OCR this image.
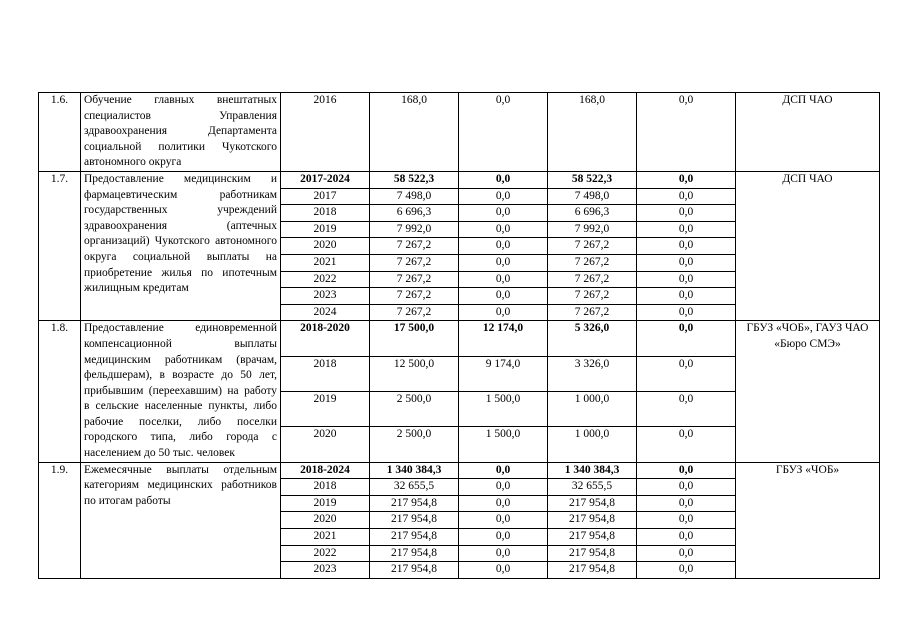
1.6.	Обучение главных внештатных специалистов Управления здравоохранения Департамента социальной политики Чукотского автономного округа	2016	168,0	0,0	168,0	0,0	ДСП ЧАО
1.7.	Предоставление медицинским и фармацевтическим работникам государственных учреждений здравоохранения (аптечных организаций) Чукотского автономного округа социальной выплаты на приобретение жилья по ипотечным жилищным кредитам	2017-2024	58 522,3	0,0	58 522,3	0,0	ДСП ЧАО
		2017	7 498,0	0,0	7 498,0	0,0	
		2018	6 696,3	0,0	6 696,3	0,0	
		2019	7 992,0	0,0	7 992,0	0,0	
		2020	7 267,2	0,0	7 267,2	0,0	
		2021	7 267,2	0,0	7 267,2	0,0	
		2022	7 267,2	0,0	7 267,2	0,0	
		2023	7 267,2	0,0	7 267,2	0,0	
		2024	7 267,2	0,0	7 267,2	0,0	
1.8.	Предоставление единовременной компенсационной выплаты медицинским работникам (врачам, фельдшерам), в возрасте до 50 лет, прибывшим (переехавшим) на работу в сельские населенные пункты, либо рабочие поселки, либо поселки городского типа, либо города с населением до 50 тыс. человек	2018-2020	17 500,0	12 174,0	5 326,0	0,0	ГБУЗ «ЧОБ», ГАУЗ ЧАО «Бюро СМЭ»
		2018	12 500,0	9 174,0	3 326,0	0,0	
		2019	2 500,0	1 500,0	1 000,0	0,0	
		2020	2 500,0	1 500,0	1 000,0	0,0	
1.9.	Ежемесячные выплаты отдельным категориям медицинских работников по итогам работы	2018-2024	1 340 384,3	0,0	1 340 384,3	0,0	ГБУЗ «ЧОБ»
		2018	32 655,5	0,0	32 655,5	0,0	
		2019	217 954,8	0,0	217 954,8	0,0	
		2020	217 954,8	0,0	217 954,8	0,0	
		2021	217 954,8	0,0	217 954,8	0,0	
		2022	217 954,8	0,0	217 954,8	0,0	
		2023	217 954,8	0,0	217 954,8	0,0	
